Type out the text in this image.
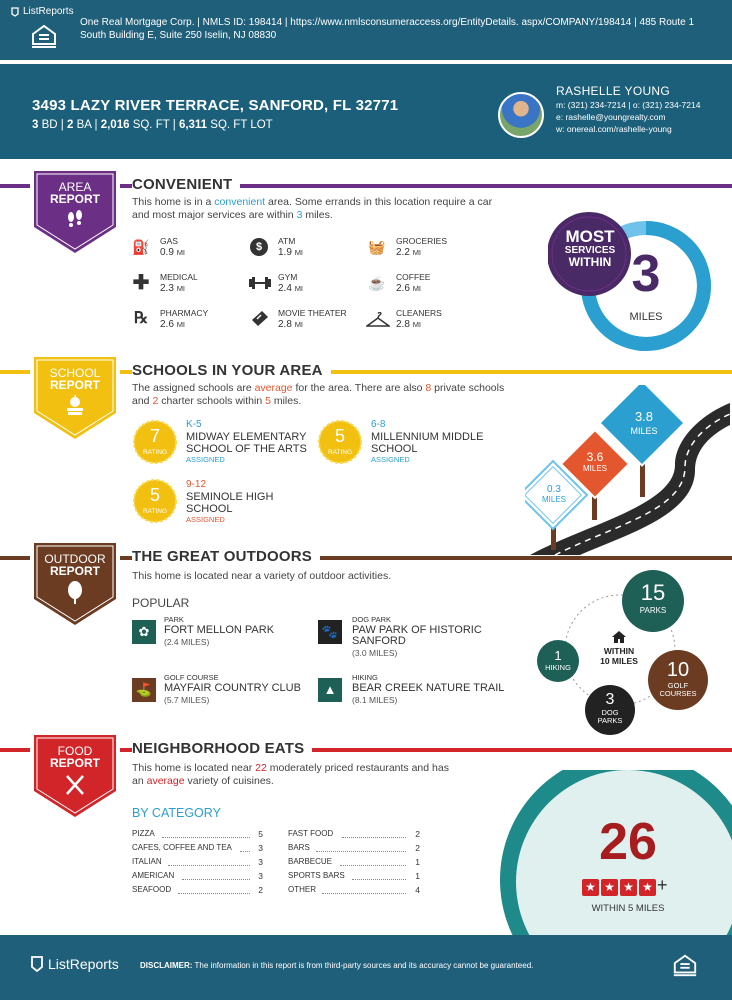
ListReports
One Real Mortgage Corp. | NMLS ID: 198414 | https://www.nmlsconsumeraccess.org/EntityDetails. aspx/COMPANY/198414 | 485 Route 1 South Building E, Suite 250 Iselin, NJ 08830
3493 LAZY RIVER TERRACE, SANFORD, FL 32771
3 BD | 2 BA | 2,016 SQ. FT | 6,311 SQ. FT LOT
RASHELLE YOUNG
m: (321) 234-7214 | o: (321) 234-7214
e: rashelle@youngrealty.com
w: onereal.com/rashelle-young
AREA
REPORT
CONVENIENT
This home is in a convenient area. Some errands in this location require a car and most major services are within 3 miles.
⛽ GAS
0.9 MI	$	ATM
1.9 MI	🧺 GROCERIES
2.2 MI
✚ MEDICAL
2.3 MI
GYM
2.4 MI	☕ COFFEE
2.6 MI
℞ PHARMACY
2.6 MI
MOVIE THEATER
2.8 MI
CLEANERS
2.8 MI
MOST
SERVICES
WITHIN 3
MILES
SCHOOL
REPORT
SCHOOLS IN YOUR AREA
The assigned schools are average for the area. There are also 8 private schools and 2 charter schools within 5 miles.
7
RATING
K-5
MIDWAY ELEMENTARY SCHOOL OF THE ARTS
ASSIGNED
5
RATING
6-8
MILLENNIUM MIDDLE SCHOOL
ASSIGNED
5
RATING
9-12
SEMINOLE HIGH SCHOOL
ASSIGNED
0.3
MILES
3.6
MILES
3.8
MILES
OUTDOOR
REPORT
THE GREAT OUTDOORS
This home is located near a variety of outdoor activities.
POPULAR
✿
PARK
FORT MELLON PARK
(2.4 MILES)
🐾
DOG PARK
PAW PARK OF HISTORIC SANFORD
(3.0 MILES)
⛳
GOLF COURSE
MAYFAIR COUNTRY CLUB
(5.7 MILES)
▲
HIKING
BEAR CREEK NATURE TRAIL
(8.1 MILES)
15
PARKS
1
HIKING	10
GOLF
COURSES
3
DOG
PARKS
WITHIN
10 MILES
FOOD
REPORT
NEIGHBORHOOD EATS
This home is located near 22 moderately priced restaurants and has an average variety of cuisines.
BY CATEGORY
PIZZA	5
CAFES, COFFEE AND TEA	3
ITALIAN	3
AMERICAN	3
SEAFOOD	2
FAST FOOD	2
BARS	2
BARBECUE	1
SPORTS BARS	1
OTHER	4
26
★ ★ ★ ★ +
WITHIN 5 MILES
ListReports	DISCLAIMER: The information in this report is from third-party sources and its accuracy cannot be guaranteed.
